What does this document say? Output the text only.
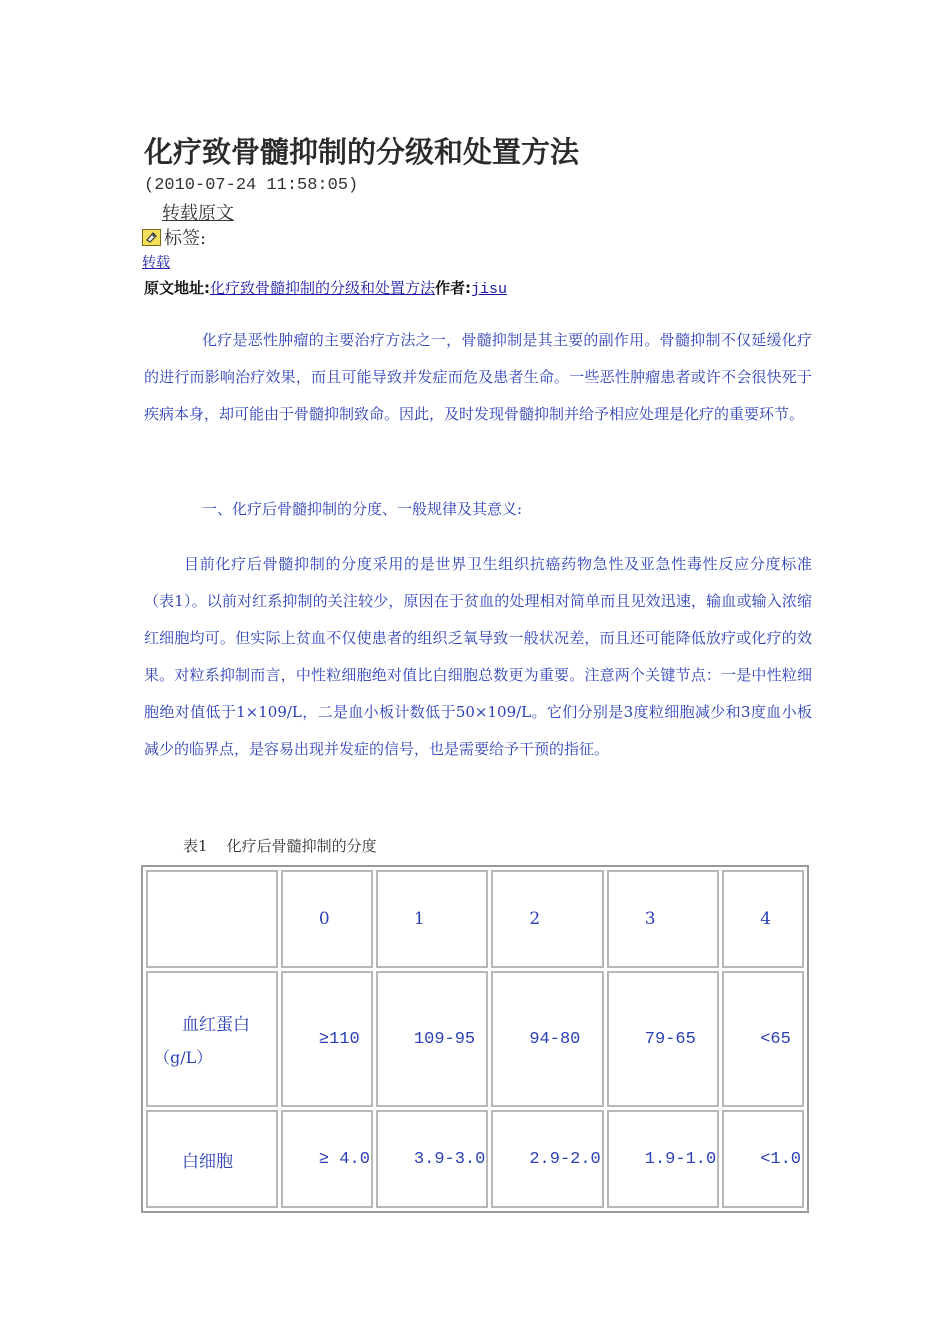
化疗致骨髓抑制的分级和处置方法
(2010-07-24 11:58:05)
转载原文
标签:
转载
原文地址:化疗致骨髓抑制的分级和处置方法作者:jisu
化疗是恶性肿瘤的主要治疗方法之一，骨髓抑制是其主要的副作用。骨髓抑制不仅延缓化疗的进行而影响治疗效果，而且可能导致并发症而危及患者生命。一些恶性肿瘤患者或许不会很快死于疾病本身，却可能由于骨髓抑制致命。因此，及时发现骨髓抑制并给予相应处理是化疗的重要环节。
一、化疗后骨髓抑制的分度、一般规律及其意义:
目前化疗后骨髓抑制的分度采用的是世界卫生组织抗癌药物急性及亚急性毒性反应分度标准（表1）。以前对红系抑制的关注较少，原因在于贫血的处理相对简单而且见效迅速，输血或输入浓缩红细胞均可。但实际上贫血不仅使患者的组织乏氧导致一般状况差，而且还可能降低放疗或化疗的效果。对粒系抑制而言，中性粒细胞绝对值比白细胞总数更为重要。注意两个关键节点：一是中性粒细胞绝对值低于1×109/L，二是血小板计数低于50×109/L。它们分别是3度粒细胞减少和3度血小板减少的临界点，是容易出现并发症的信号，也是需要给予干预的指征。
表1    化疗后骨髓抑制的分度
	0	1	2	3	4

血红蛋白
（g/L）	≥110	109-95	94-80	79-65	<65
白细胞	≥ 4.0	3.9-3.0	2.9-2.0	1.9-1.0	<1.0
